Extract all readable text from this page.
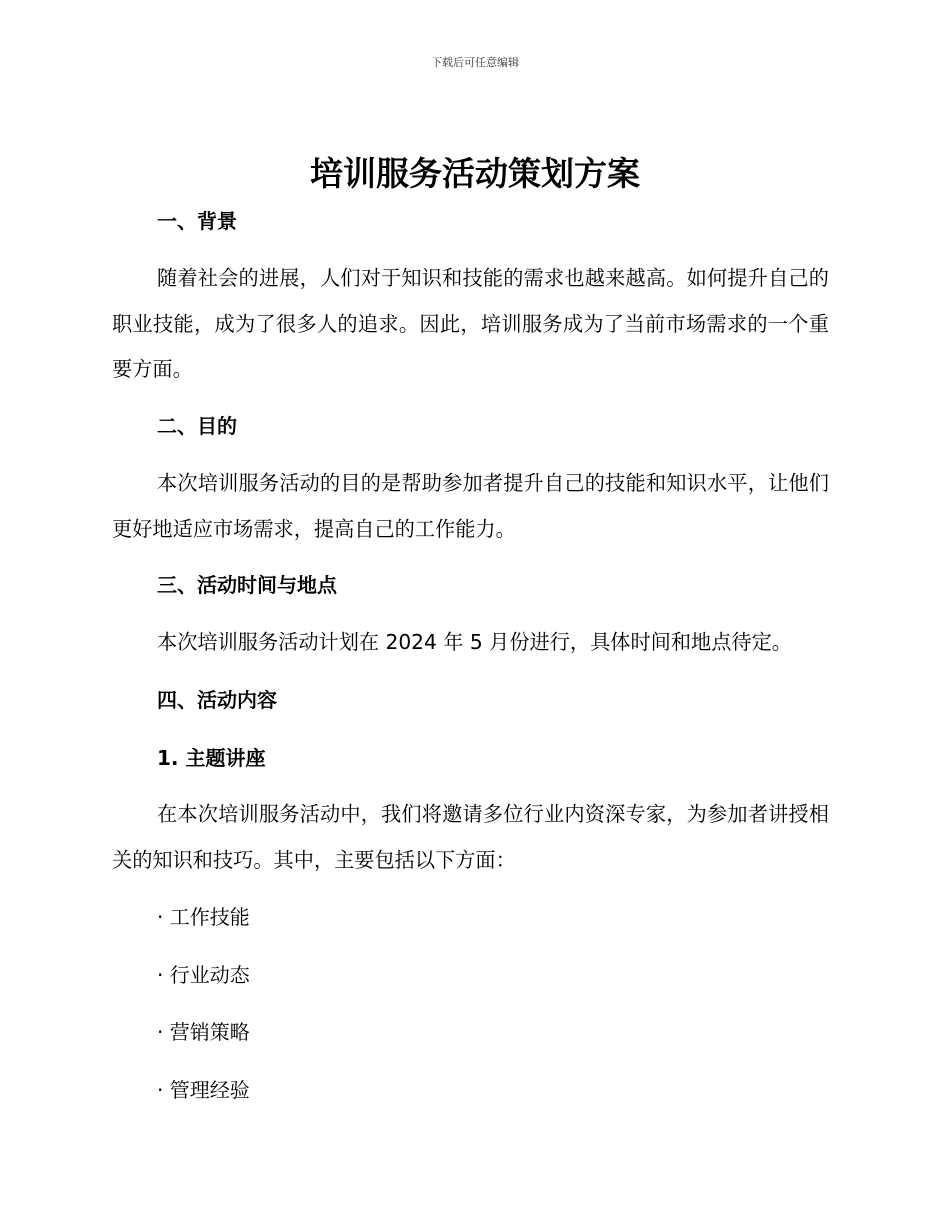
下载后可任意编辑
培训服务活动策划方案
一、背景
随着社会的进展，人们对于知识和技能的需求也越来越高。如何提升自己的职业技能，成为了很多人的追求。因此，培训服务成为了当前市场需求的一个重要方面。
二、目的
本次培训服务活动的目的是帮助参加者提升自己的技能和知识水平，让他们更好地适应市场需求，提高自己的工作能力。
三、活动时间与地点
本次培训服务活动计划在 2024 年 5 月份进行，具体时间和地点待定。
四、活动内容
1. 主题讲座
在本次培训服务活动中，我们将邀请多位行业内资深专家，为参加者讲授相关的知识和技巧。其中，主要包括以下方面：
· 工作技能
· 行业动态
· 营销策略
· 管理经验
